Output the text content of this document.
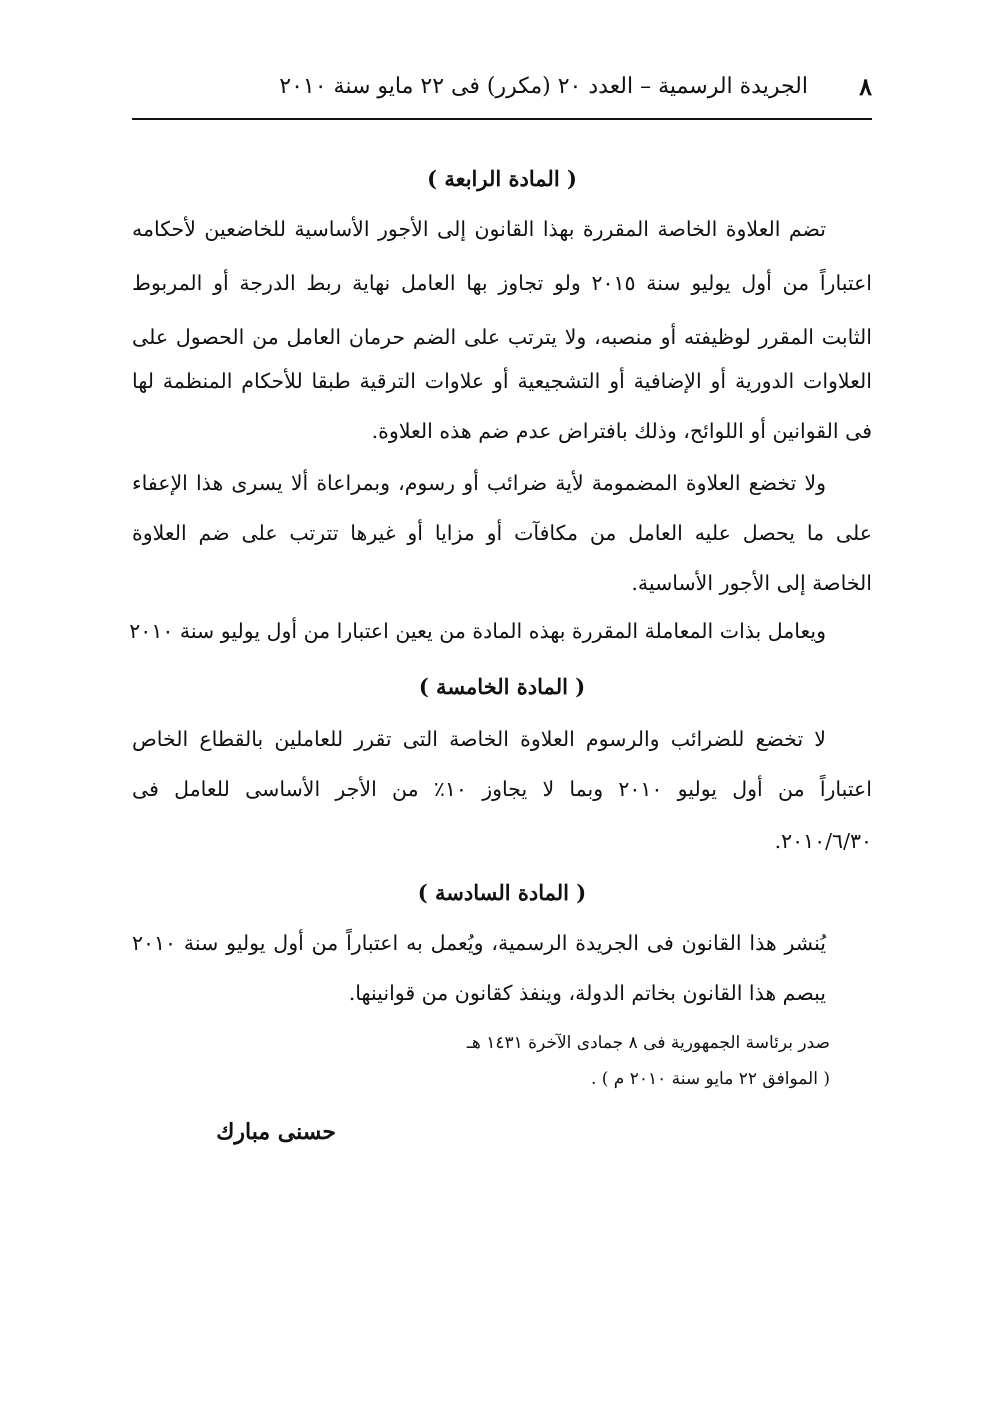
٨
الجريدة الرسمية – العدد ٢٠ (مكرر) فى ٢٢ مايو سنة ٢٠١٠
( المادة الرابعة )
تضم العلاوة الخاصة المقررة بهذا القانون إلى الأجور الأساسية للخاضعين لأحكامه
اعتباراً من أول يوليو سنة ٢٠١٥ ولو تجاوز بها العامل نهاية ربط الدرجة أو المربوط
الثابت المقرر لوظيفته أو منصبه، ولا يترتب على الضم حرمان العامل من الحصول على
العلاوات الدورية أو الإضافية أو التشجيعية أو علاوات الترقية طبقا للأحكام المنظمة لها
فى القوانين أو اللوائح، وذلك بافتراض عدم ضم هذه العلاوة.
ولا تخضع العلاوة المضمومة لأية ضرائب أو رسوم، وبمراعاة ألا يسرى هذا الإعفاء
على ما يحصل عليه العامل من مكافآت أو مزايا أو غيرها تترتب على ضم العلاوة
الخاصة إلى الأجور الأساسية.
ويعامل بذات المعاملة المقررة بهذه المادة من يعين اعتبارا من أول يوليو سنة ٢٠١٠
( المادة الخامسة )
لا تخضع للضرائب والرسوم العلاوة الخاصة التى تقرر للعاملين بالقطاع الخاص
اعتباراً من أول يوليو ٢٠١٠ وبما لا يجاوز ١٠٪ من الأجر الأساسى للعامل فى
٢٠١٠/٦/٣٠.
( المادة السادسة )
يُنشر هذا القانون فى الجريدة الرسمية، ويُعمل به اعتباراً من أول يوليو سنة ٢٠١٠
يبصم هذا القانون بخاتم الدولة، وينفذ كقانون من قوانينها.
صدر برئاسة الجمهورية فى ٨ جمادى الآخرة ١٤٣١ هـ
( الموافق ٢٢ مايو سنة ٢٠١٠ م ) .
حسنى مبارك
